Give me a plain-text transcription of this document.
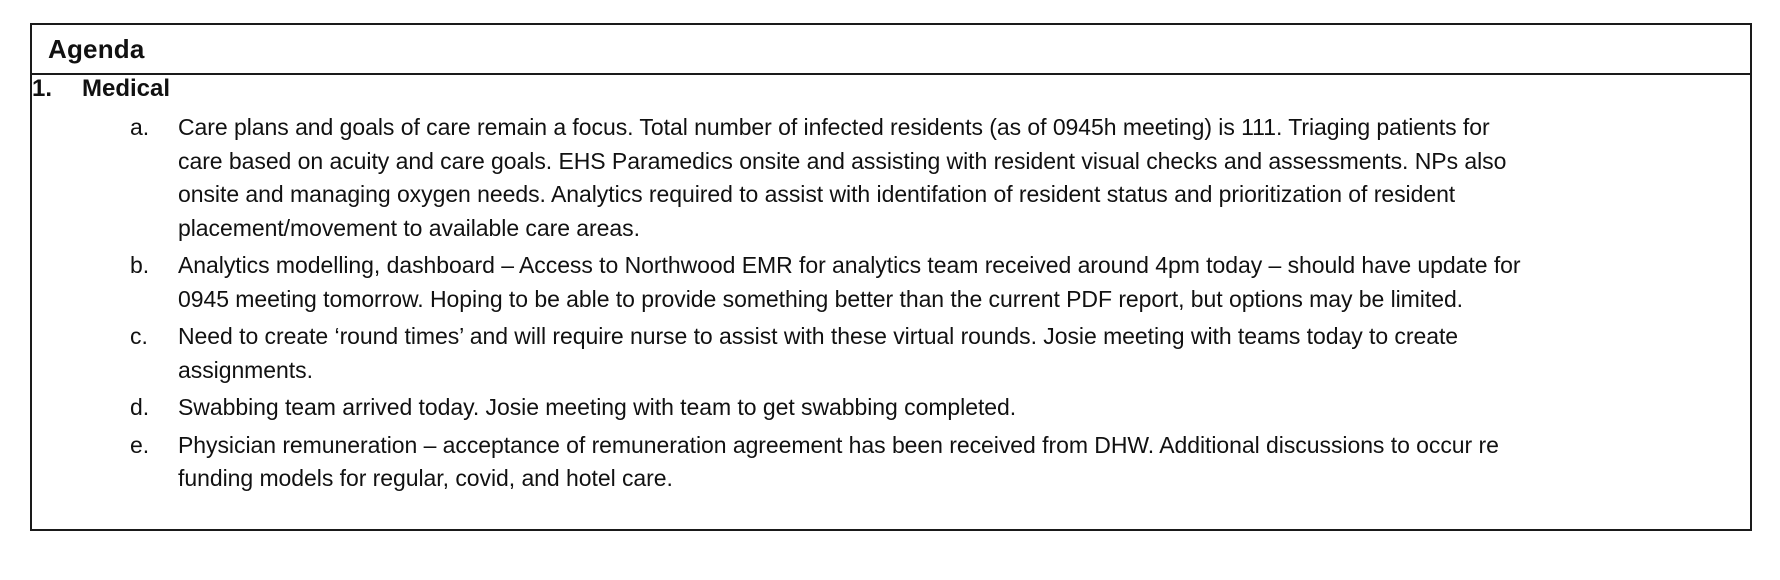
Agenda
1. Medical
a.	Care plans and goals of care remain a focus. Total number of infected residents (as of 0945h meeting) is 111. Triaging patients for
care based on acuity and care goals. EHS Paramedics onsite and assisting with resident visual checks and assessments. NPs also
onsite and managing oxygen needs. Analytics required to assist with identifation of resident status and prioritization of resident
placement/movement to available care areas.
b.	Analytics modelling, dashboard – Access to Northwood EMR for analytics team received around 4pm today – should have update for
0945 meeting tomorrow. Hoping to be able to provide something better than the current PDF report, but options may be limited.
c.	Need to create ‘round times’ and will require nurse to assist with these virtual rounds. Josie meeting with teams today to create
assignments.
d.	Swabbing team arrived today. Josie meeting with team to get swabbing completed.
e.	Physician remuneration – acceptance of remuneration agreement has been received from DHW. Additional discussions to occur re
funding models for regular, covid, and hotel care.
